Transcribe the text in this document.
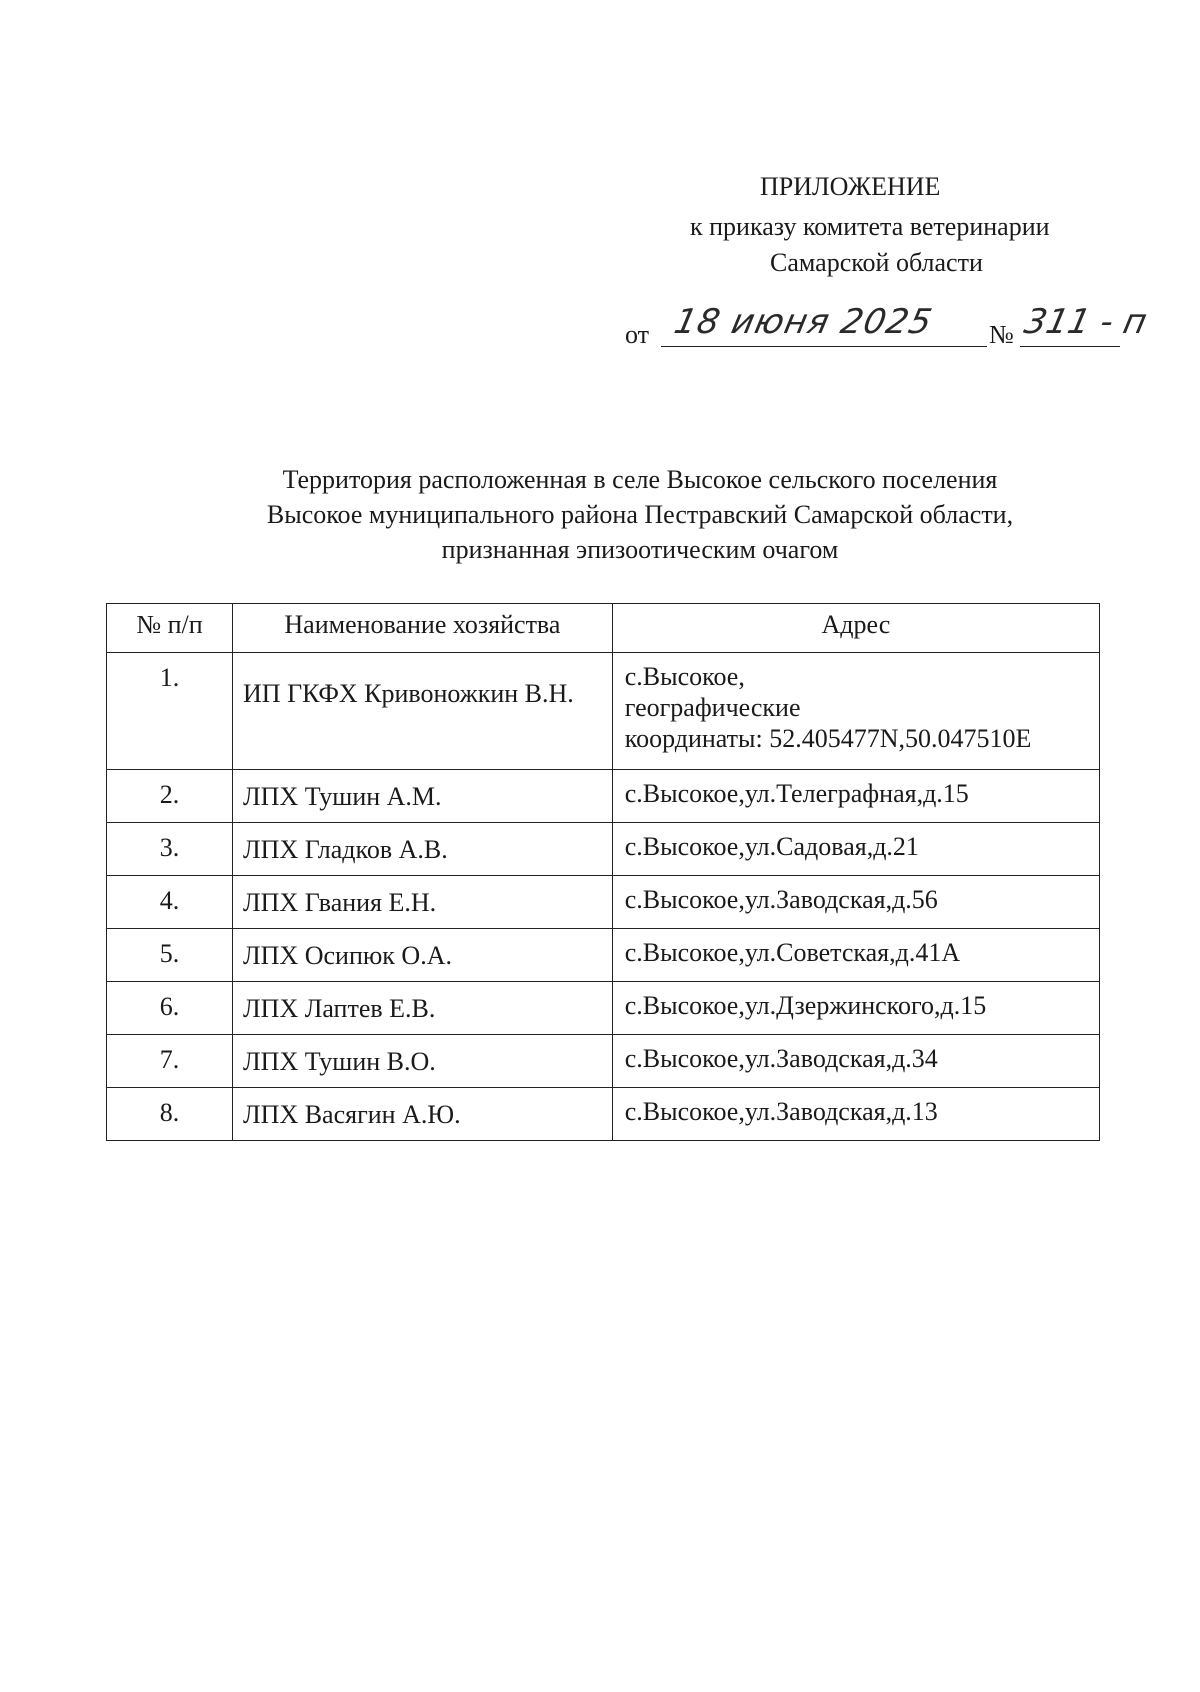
ПРИЛОЖЕНИЕ
к приказу комитета ветеринарии
Самарской области
от 18 июня 2025 № 311 - п
Территория расположенная в селе Высокое сельского поселения
Высокое муниципального района Пестравский Самарской области,
признанная эпизоотическим очагом
№ п/п	Наименование хозяйства	Адрес
1.	ИП ГКФХ Кривоножкин В.Н.	с.Высокое,
географические
координаты: 52.405477N,50.047510E

2.	ЛПХ Тушин А.М.	с.Высокое,ул.Телеграфная,д.15
3.	ЛПХ Гладков А.В.	с.Высокое,ул.Садовая,д.21
4.	ЛПХ Гвания Е.Н.	с.Высокое,ул.Заводская,д.56
5.	ЛПХ Осипюк О.А.	с.Высокое,ул.Советская,д.41А
6.	ЛПХ Лаптев Е.В.	с.Высокое,ул.Дзержинского,д.15
7.	ЛПХ Тушин В.О.	с.Высокое,ул.Заводская,д.34
8.	ЛПХ Васягин А.Ю.	с.Высокое,ул.Заводская,д.13
